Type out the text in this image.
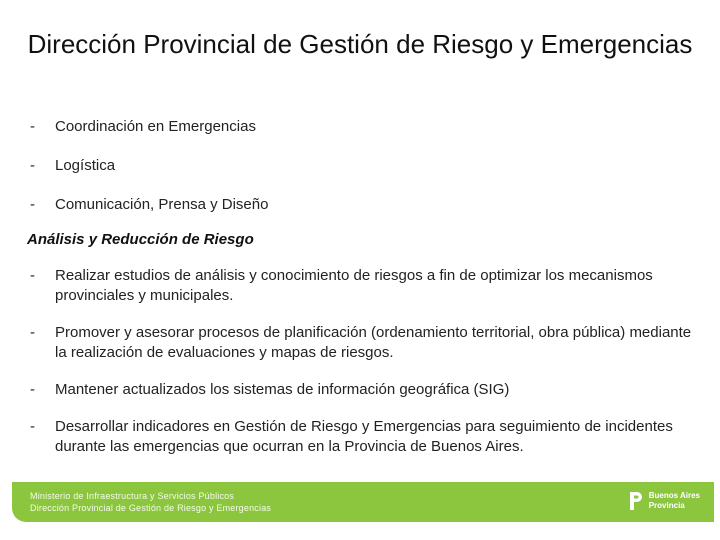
Dirección Provincial de Gestión de Riesgo y Emergencias
-	Coordinación en Emergencias
-	Logística
-	Comunicación, Prensa y Diseño
Análisis y Reducción de Riesgo
-	Realizar estudios de análisis y conocimiento de riesgos a fin de optimizar los mecanismos provinciales y municipales.
-	Promover y asesorar procesos de planificación (ordenamiento territorial, obra pública) mediante la realización de evaluaciones y mapas de riesgos.
-	Mantener actualizados los sistemas de información geográfica (SIG)
-	Desarrollar indicadores en Gestión de Riesgo y Emergencias para seguimiento de incidentes durante las emergencias que ocurran en la Provincia de Buenos Aires.
Ministerio de Infraestructura y Servicios Públicos
Dirección Provincial de Gestión de Riesgo y Emergencias
Buenos Aires
Provincia
